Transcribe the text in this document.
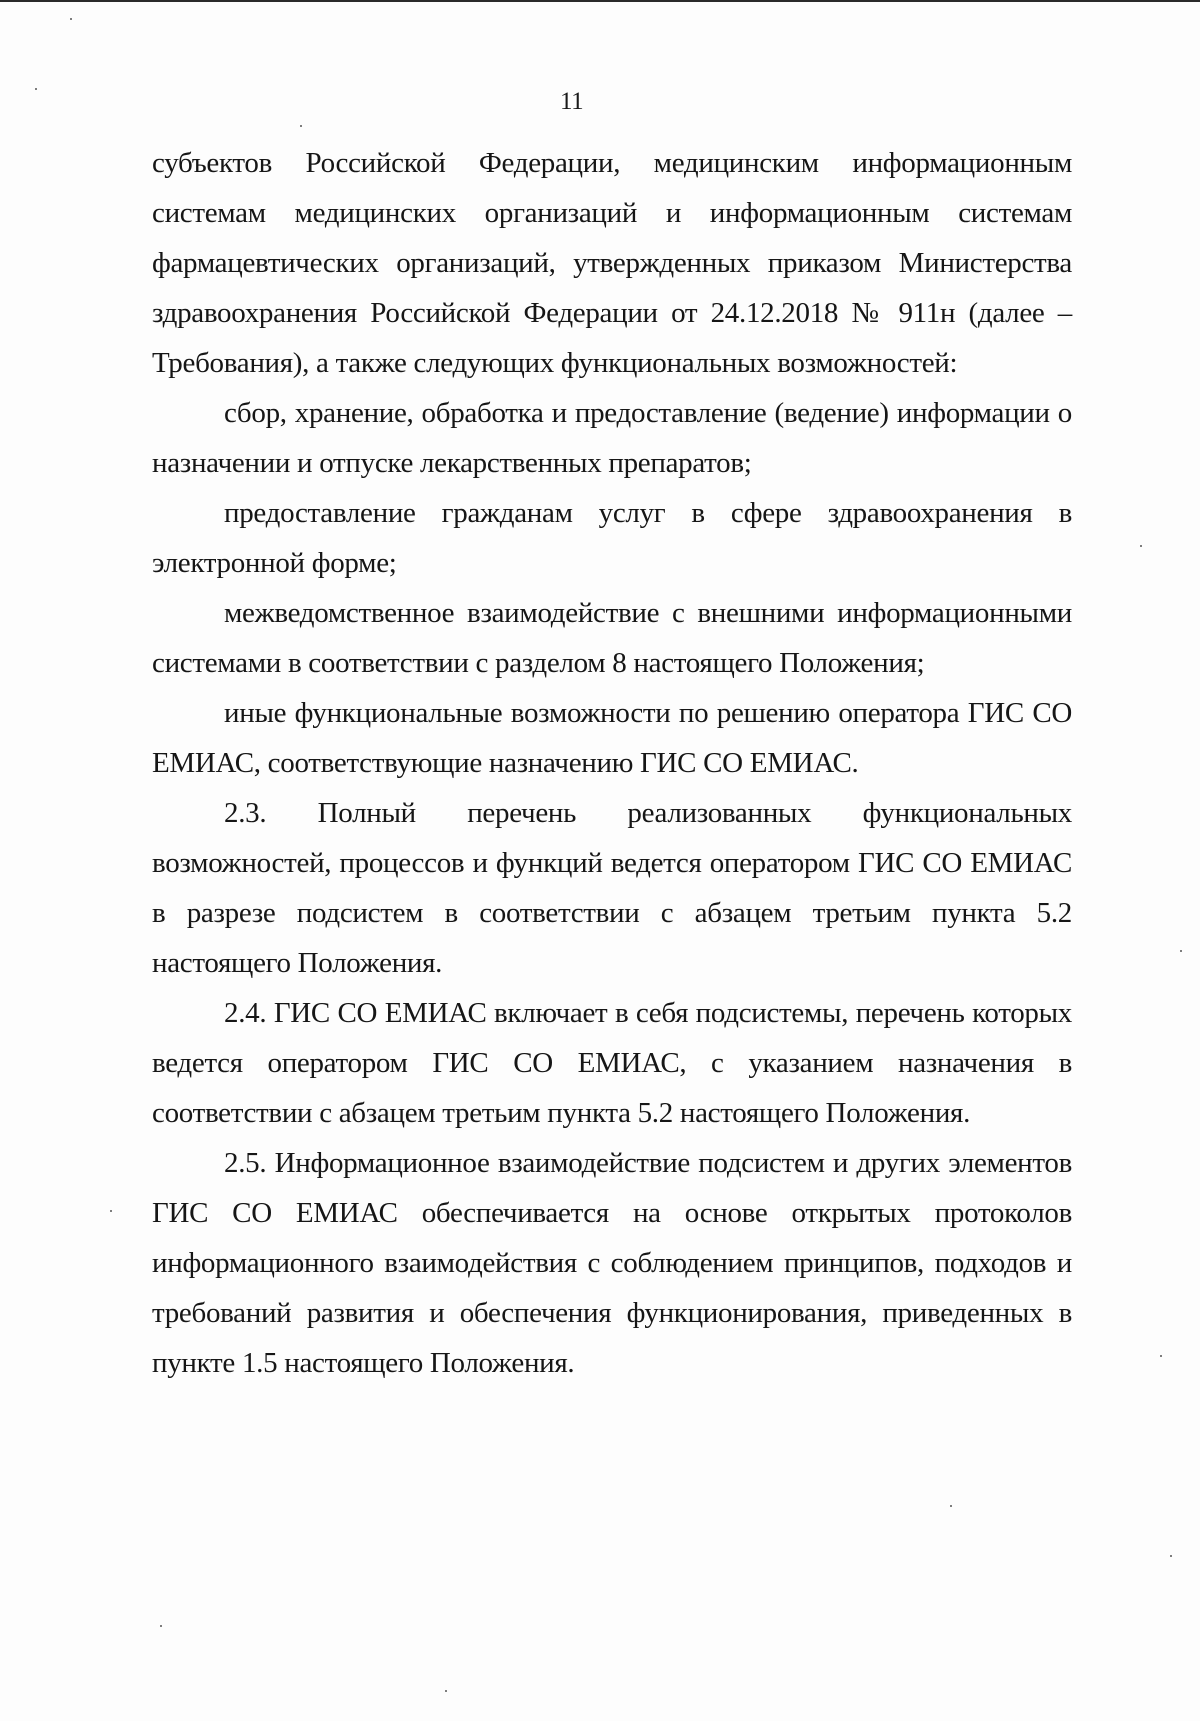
11

субъектов Российской Федерации, медицинским информационным системам медицинских организаций и информационным системам фармацевтических организаций, утвержденных приказом Министерства здравоохранения Российской Федерации от 24.12.2018 № 911н (далее – Требования), а также следующих функциональных возможностей:

сбор, хранение, обработка и предоставление (ведение) информации о назначении и отпуске лекарственных препаратов;

предоставление гражданам услуг в сфере здравоохранения в электронной форме;

межведомственное взаимодействие с внешними информационными системами в соответствии с разделом 8 настоящего Положения;

иные функциональные возможности по решению оператора ГИС СО ЕМИАС, соответствующие назначению ГИС СО ЕМИАС.

2.3. Полный перечень реализованных функциональных возможностей, процессов и функций ведется оператором ГИС СО ЕМИАС в разрезе подсистем в соответствии с абзацем третьим пункта 5.2 настоящего Положения.

2.4. ГИС СО ЕМИАС включает в себя подсистемы, перечень которых ведется оператором ГИС СО ЕМИАС, с указанием назначения в соответствии с абзацем третьим пункта 5.2 настоящего Положения.

2.5. Информационное взаимодействие подсистем и других элементов ГИС СО ЕМИАС обеспечивается на основе открытых протоколов информационного взаимодействия с соблюдением принципов, подходов и требований развития и обеспечения функционирования, приведенных в пункте 1.5 настоящего Положения.
